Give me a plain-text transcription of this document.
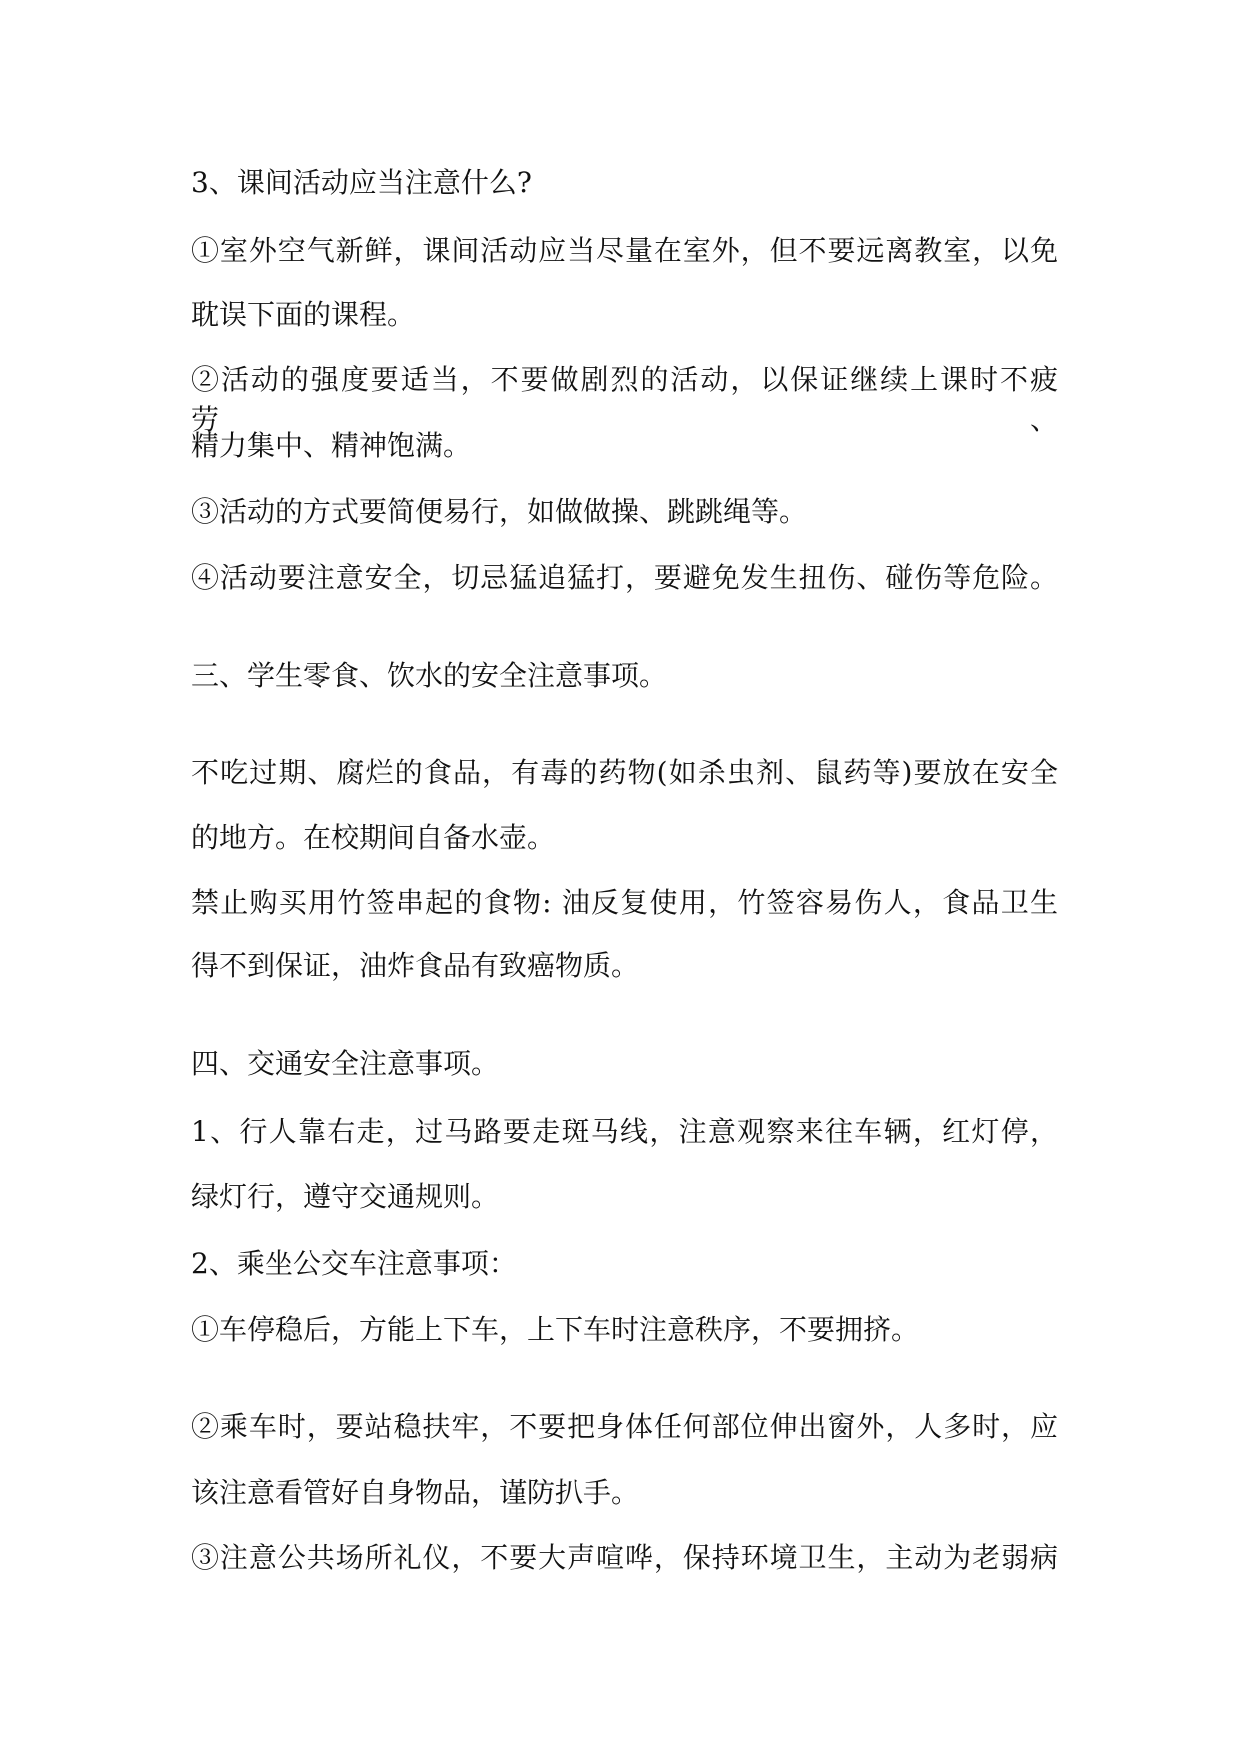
3、课间活动应当注意什么?
①室外空气新鲜，课间活动应当尽量在室外，但不要远离教室，以免
耽误下面的课程。
②活动的强度要适当，不要做剧烈的活动，以保证继续上课时不疲劳、
精力集中、精神饱满。
③活动的方式要简便易行，如做做操、跳跳绳等。
④活动要注意安全，切忌猛追猛打，要避免发生扭伤、碰伤等危险。
三、学生零食、饮水的安全注意事项。
不吃过期、腐烂的食品，有毒的药物(如杀虫剂、鼠药等)要放在安全
的地方。在校期间自备水壶。
禁止购买用竹签串起的食物: 油反复使用，竹签容易伤人，食品卫生
得不到保证，油炸食品有致癌物质。
四、交通安全注意事项。
1、行人靠右走，过马路要走斑马线，注意观察来往车辆，红灯停，
绿灯行，遵守交通规则。
2、乘坐公交车注意事项：
①车停稳后，方能上下车，上下车时注意秩序，不要拥挤。
②乘车时，要站稳扶牢，不要把身体任何部位伸出窗外，人多时，应
该注意看管好自身物品，谨防扒手。
③注意公共场所礼仪，不要大声喧哗，保持环境卫生，主动为老弱病
